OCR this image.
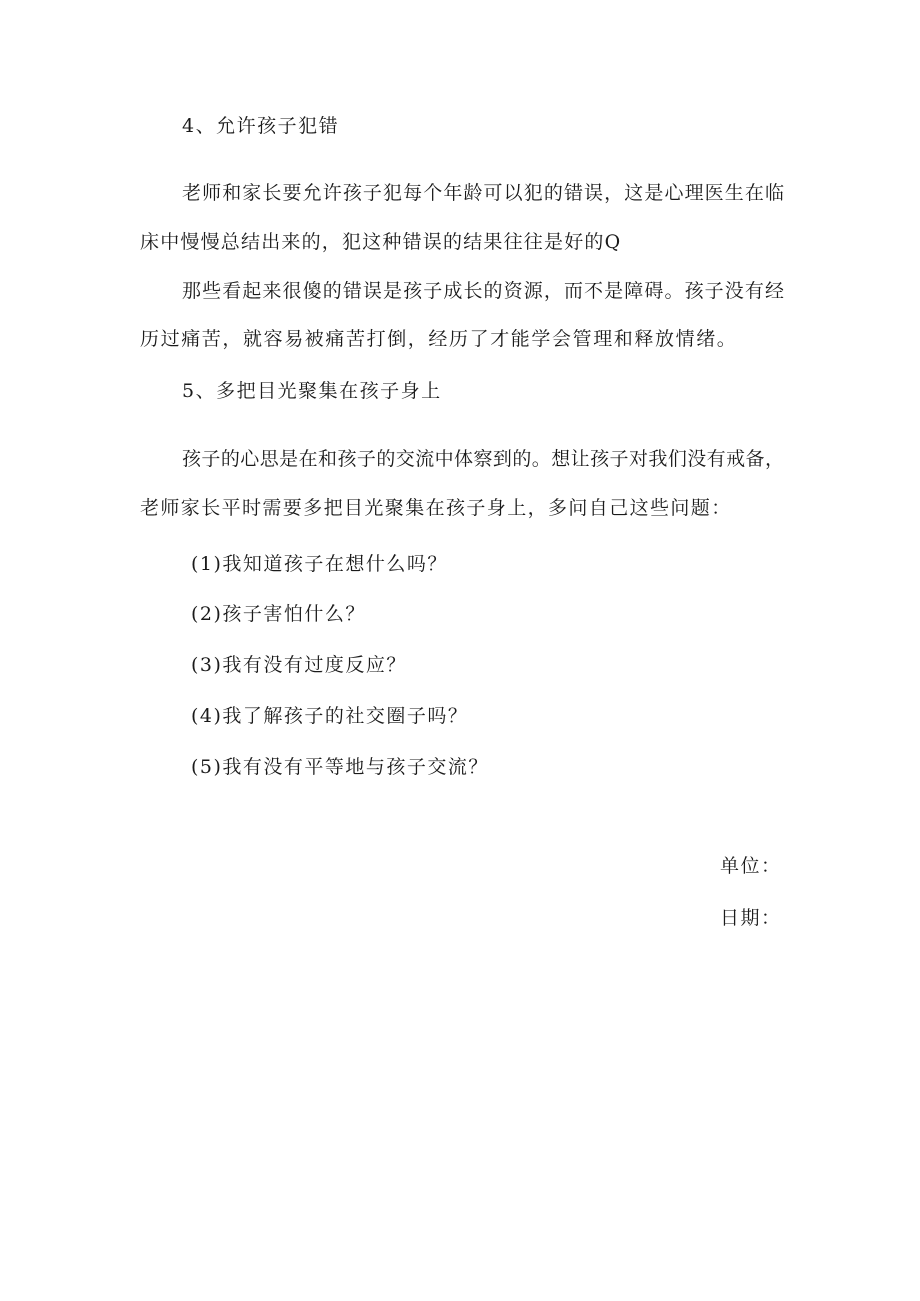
4、允许孩子犯错
老师和家长要允许孩子犯每个年龄可以犯的错误，这是心理医生在临
床中慢慢总结出来的，犯这种错误的结果往往是好的Q
那些看起来很傻的错误是孩子成长的资源，而不是障碍。孩子没有经
历过痛苦，就容易被痛苦打倒，经历了才能学会管理和释放情绪。
5、多把目光聚集在孩子身上
孩子的心思是在和孩子的交流中体察到的。想让孩子对我们没有戒备，
老师家长平时需要多把目光聚集在孩子身上，多问自己这些问题：
(1)我知道孩子在想什么吗？
(2)孩子害怕什么？
(3)我有没有过度反应？
(4)我了解孩子的社交圈子吗？
(5)我有没有平等地与孩子交流？
单位：
日期：
